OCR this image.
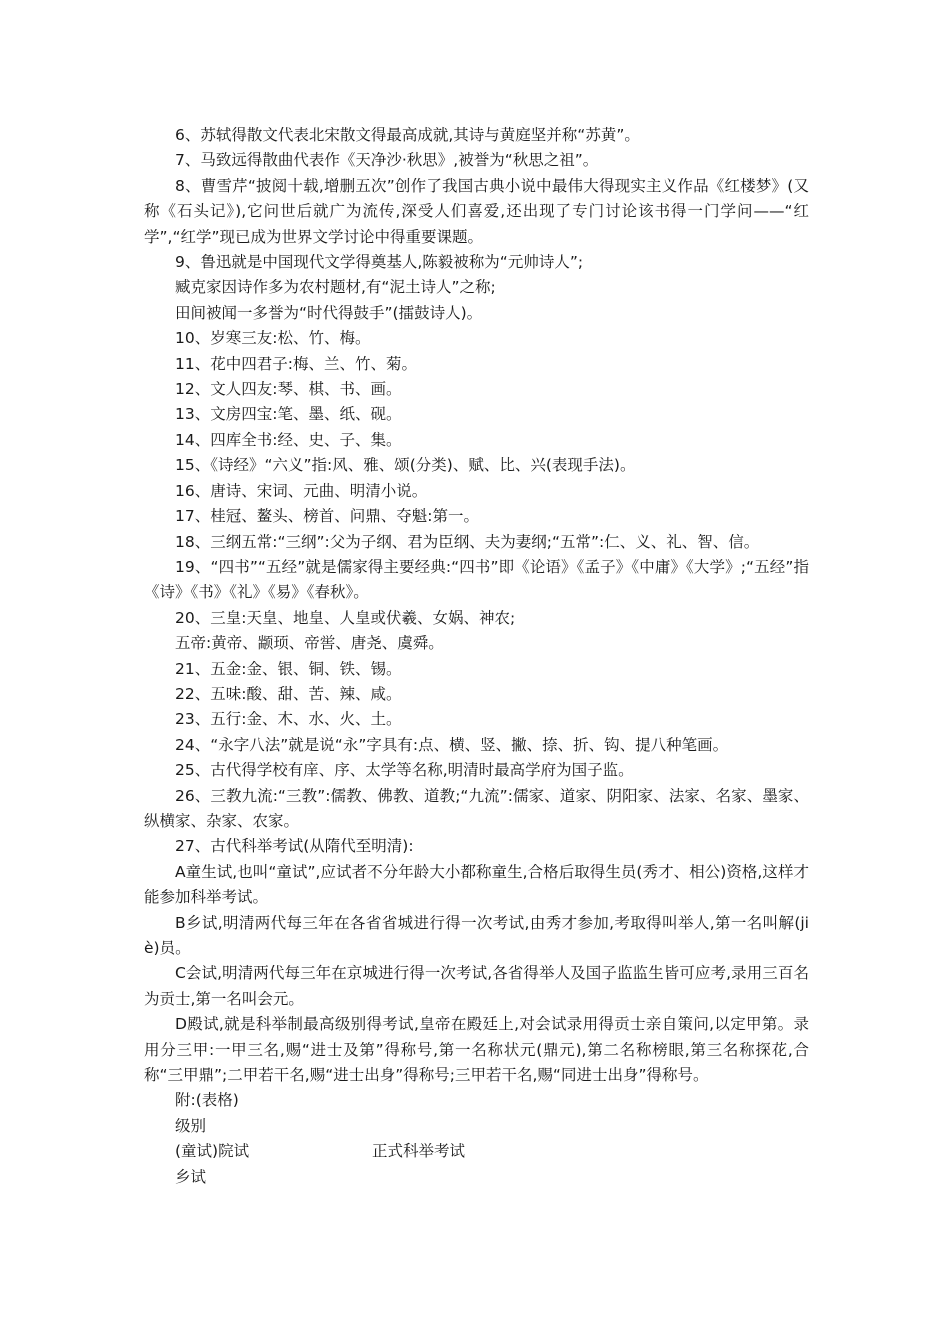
6、苏轼得散文代表北宋散文得最高成就,其诗与黄庭坚并称“苏黄”。

7、马致远得散曲代表作《天净沙·秋思》,被誉为“秋思之祖”。

8、曹雪芹“披阅十载,增删五次”创作了我国古典小说中最伟大得现实主义作品《红楼梦》(又称《石头记》),它问世后就广为流传,深受人们喜爱,还出现了专门讨论该书得一门学问——“红学”,“红学”现已成为世界文学讨论中得重要课题。

9、鲁迅就是中国现代文学得奠基人,陈毅被称为“元帅诗人”;

臧克家因诗作多为农村题材,有“泥土诗人”之称;

田间被闻一多誉为“时代得鼓手”(擂鼓诗人)。

10、岁寒三友:松、竹、梅。

11、花中四君子:梅、兰、竹、菊。

12、文人四友:琴、棋、书、画。

13、文房四宝:笔、墨、纸、砚。

14、四库全书:经、史、子、集。

15、《诗经》“六义”指:风、雅、颂(分类)、赋、比、兴(表现手法)。

16、唐诗、宋词、元曲、明清小说。

17、桂冠、鳌头、榜首、问鼎、夺魁:第一。

18、三纲五常:“三纲”:父为子纲、君为臣纲、夫为妻纲;“五常”:仁、义、礼、智、信。

19、“四书”“五经”就是儒家得主要经典:“四书”即《论语》《孟子》《中庸》《大学》;“五经”指《诗》《书》《礼》《易》《春秋》。

20、三皇:天皇、地皇、人皇或伏羲、女娲、神农;

五帝:黄帝、颛顼、帝喾、唐尧、虞舜。

21、五金:金、银、铜、铁、锡。

22、五味:酸、甜、苦、辣、咸。

23、五行:金、木、水、火、土。

24、“永字八法”就是说“永”字具有:点、横、竖、撇、捺、折、钩、提八种笔画。

25、古代得学校有庠、序、太学等名称,明清时最高学府为国子监。

26、三教九流:“三教”:儒教、佛教、道教;“九流”:儒家、道家、阴阳家、法家、名家、墨家、纵横家、杂家、农家。

27、古代科举考试(从隋代至明清):

A童生试,也叫“童试”,应试者不分年龄大小都称童生,合格后取得生员(秀才、相公)资格,这样才能参加科举考试。

B乡试,明清两代每三年在各省省城进行得一次考试,由秀才参加,考取得叫举人,第一名叫解(jiè)员。

C会试,明清两代每三年在京城进行得一次考试,各省得举人及国子监监生皆可应考,录用三百名为贡士,第一名叫会元。

D殿试,就是科举制最高级别得考试,皇帝在殿廷上,对会试录用得贡士亲自策问,以定甲第。录用分三甲:一甲三名,赐“进士及第”得称号,第一名称状元(鼎元),第二名称榜眼,第三名称探花,合称“三甲鼎”;二甲若干名,赐“进士出身”得称号;三甲若干名,赐“同进士出身”得称号。

附:(表格)

级别

(童试)院试	正式科举考试

乡试
